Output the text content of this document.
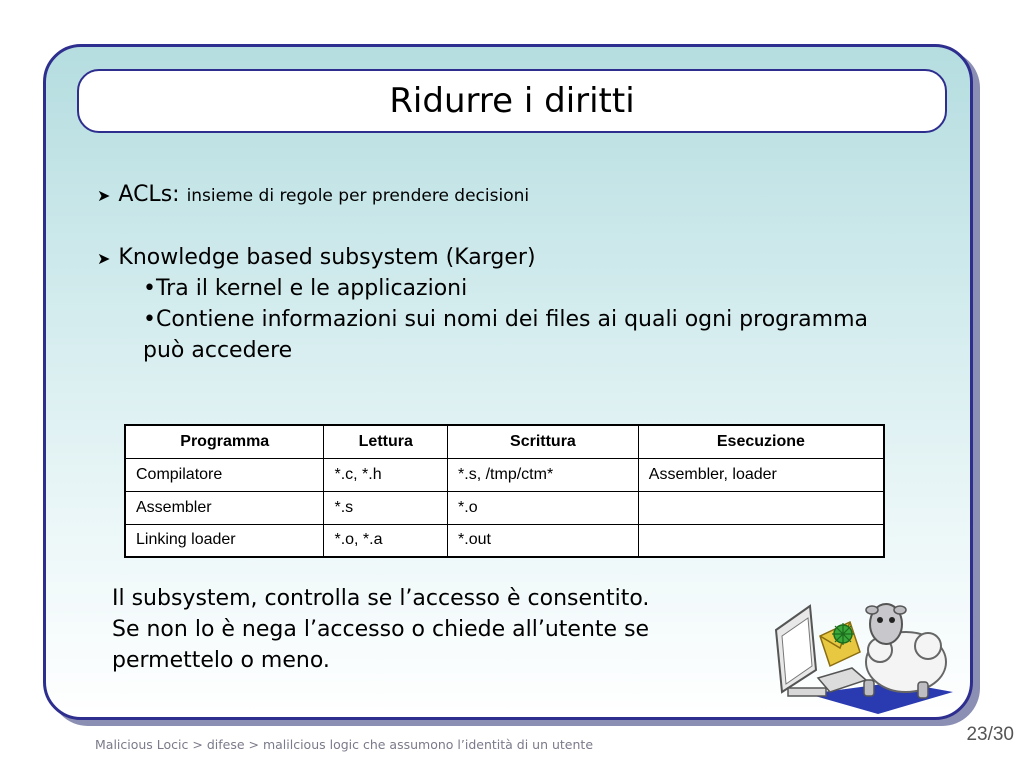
Ridurre i diritti
➤ ACLs: insieme di regole per prendere decisioni
➤ Knowledge based subsystem (Karger)
•Tra il kernel e le applicazioni
•Contiene informazioni sui nomi dei files ai quali ogni programma
può accedere
Programma	Lettura	Scrittura	Esecuzione
Compilatore	*.c, *.h	*.s, /tmp/ctm*	Assembler, loader
Assembler	*.s	*.o	
Linking loader	*.o, *.a	*.out	
Il subsystem, controlla se l’accesso è consentito.
Se non lo è nega l’accesso o chiede all’utente se
permettelo o meno.
Malicious Locic > difese > malilcious logic che assumono l’identità di un utente	23/30
